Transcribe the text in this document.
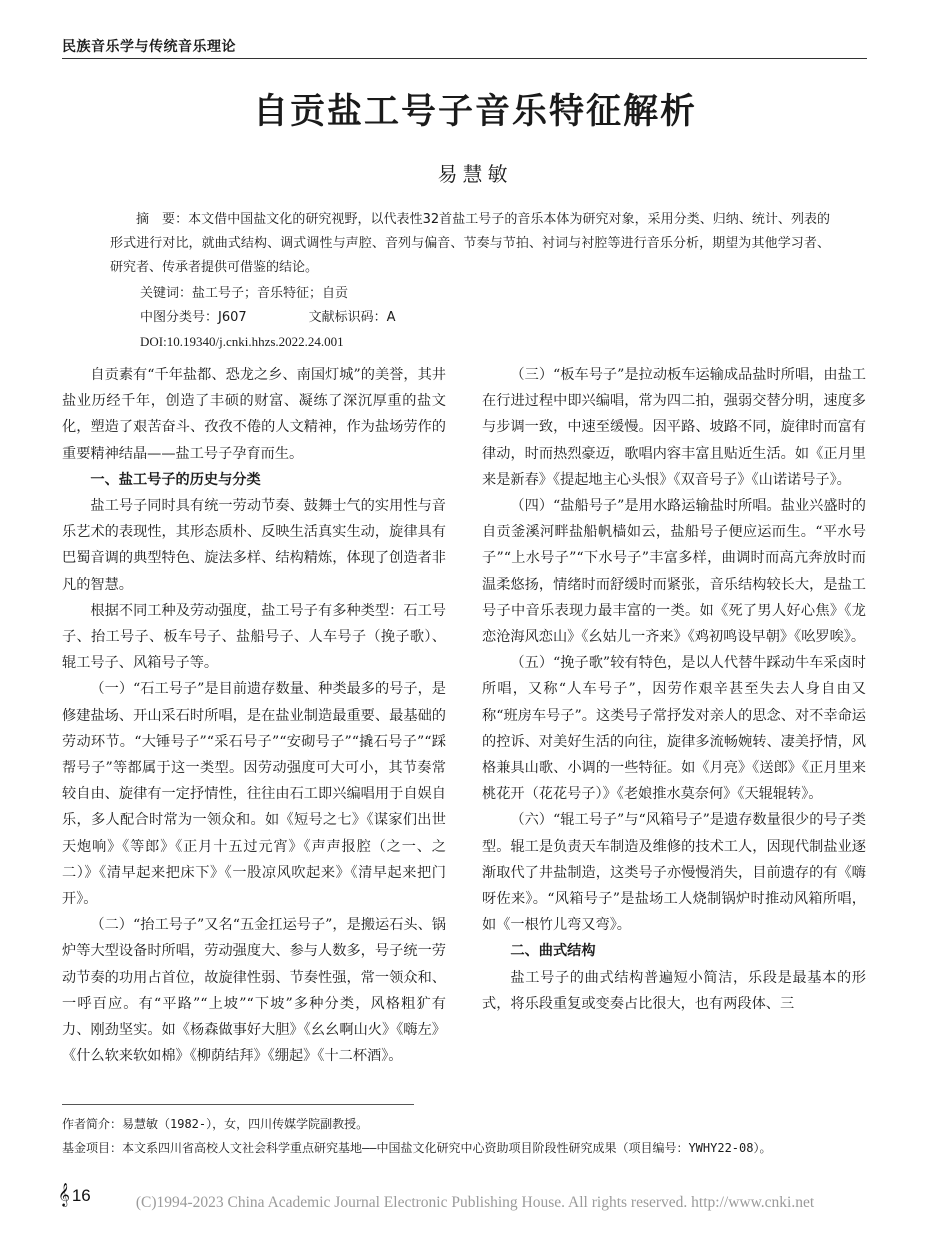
民族音乐学与传统音乐理论
自贡盐工号子音乐特征解析
易慧敏

摘　要：本文借中国盐文化的研究视野，以代表性32首盐工号子的音乐本体为研究对象，采用分类、归纳、统计、列表的形式进行对比，就曲式结构、调式调性与声腔、音列与偏音、节奏与节拍、衬词与衬腔等进行音乐分析，期望为其他学习者、研究者、传承者提供可借鉴的结论。

关键词：盐工号子；音乐特征；自贡
中图分类号：J607	文献标识码：A
DOI:10.19340/j.cnki.hhzs.2022.24.001

自贡素有“千年盐都、恐龙之乡、南国灯城”的美誉，其井盐业历经千年，创造了丰硕的财富、凝练了深沉厚重的盐文化，塑造了艰苦奋斗、孜孜不倦的人文精神，作为盐场劳作的重要精神结晶——盐工号子孕育而生。

一、盐工号子的历史与分类

盐工号子同时具有统一劳动节奏、鼓舞士气的实用性与音乐艺术的表现性，其形态质朴、反映生活真实生动，旋律具有巴蜀音调的典型特色、旋法多样、结构精炼，体现了创造者非凡的智慧。

根据不同工种及劳动强度，盐工号子有多种类型：石工号子、抬工号子、板车号子、盐船号子、人车号子（挽子歌）、辊工号子、风箱号子等。

（一）“石工号子”是目前遗存数量、种类最多的号子，是修建盐场、开山采石时所唱，是在盐业制造最重要、最基础的劳动环节。“大锤号子”“采石号子”“安砌号子”“撬石号子”“踩帮号子”等都属于这一类型。因劳动强度可大可小，其节奏常较自由、旋律有一定抒情性，往往由石工即兴编唱用于自娱自乐，多人配合时常为一领众和。如《短号之七》《谋家们出世天炮响》《等郎》《正月十五过元宵》《声声报腔（之一、之二）》《清早起来把床下》《一股凉风吹起来》《清早起来把门开》。

（二）“抬工号子”又名“五金扛运号子”，是搬运石头、锅炉等大型设备时所唱，劳动强度大、参与人数多，号子统一劳动节奏的功用占首位，故旋律性弱、节奏性强，常一领众和、一呼百应。有“平路”“上坡”“下坡”多种分类，风格粗犷有力、刚劲坚实。如《杨森做事好大胆》《幺幺啊山火》《嗨左》《什么软来软如棉》《柳荫结拜》《绷起》《十二杯酒》。

（三）“板车号子”是拉动板车运输成品盐时所唱，由盐工在行进过程中即兴编唱，常为四二拍，强弱交替分明，速度多与步调一致，中速至缓慢。因平路、坡路不同，旋律时而富有律动，时而热烈豪迈，歌唱内容丰富且贴近生活。如《正月里来是新春》《提起地主心头恨》《双音号子》《山诺诺号子》。

（四）“盐船号子”是用水路运输盐时所唱。盐业兴盛时的自贡釜溪河畔盐船帆樯如云，盐船号子便应运而生。“平水号子”“上水号子”“下水号子”丰富多样，曲调时而高亢奔放时而温柔悠扬，情绪时而舒缓时而紧张，音乐结构较长大，是盐工号子中音乐表现力最丰富的一类。如《死了男人好心焦》《龙恋沧海风恋山》《幺姑儿一齐来》《鸡初鸣设早朝》《吆罗唉》。

（五）“挽子歌”较有特色，是以人代替牛踩动牛车采卤时所唱，又称“人车号子”，因劳作艰辛甚至失去人身自由又称“班房车号子”。这类号子常抒发对亲人的思念、对不幸命运的控诉、对美好生活的向往，旋律多流畅婉转、凄美抒情，风格兼具山歌、小调的一些特征。如《月亮》《送郎》《正月里来桃花开（花花号子）》《老娘推水莫奈何》《天辊辊转》。

（六）“辊工号子”与“风箱号子”是遗存数量很少的号子类型。辊工是负责天车制造及维修的技术工人，因现代制盐业逐渐取代了井盐制造，这类号子亦慢慢消失，目前遗存的有《嗨呀佐来》。“风箱号子”是盐场工人烧制锅炉时推动风箱所唱，如《一根竹儿弯又弯》。

二、曲式结构

盐工号子的曲式结构普遍短小简洁，乐段是最基本的形式，将乐段重复或变奏占比很大，也有两段体、三

作者简介：易慧敏（1982-），女，四川传媒学院副教授。
基金项目：本文系四川省高校人文社会科学重点研究基地——中国盐文化研究中心资助项目阶段性研究成果（项目编号：YWHY22-08）。
(C)1994-2023 China Academic Journal Electronic Publishing House. All rights reserved. http://www.cnki.net
𝄞 16
